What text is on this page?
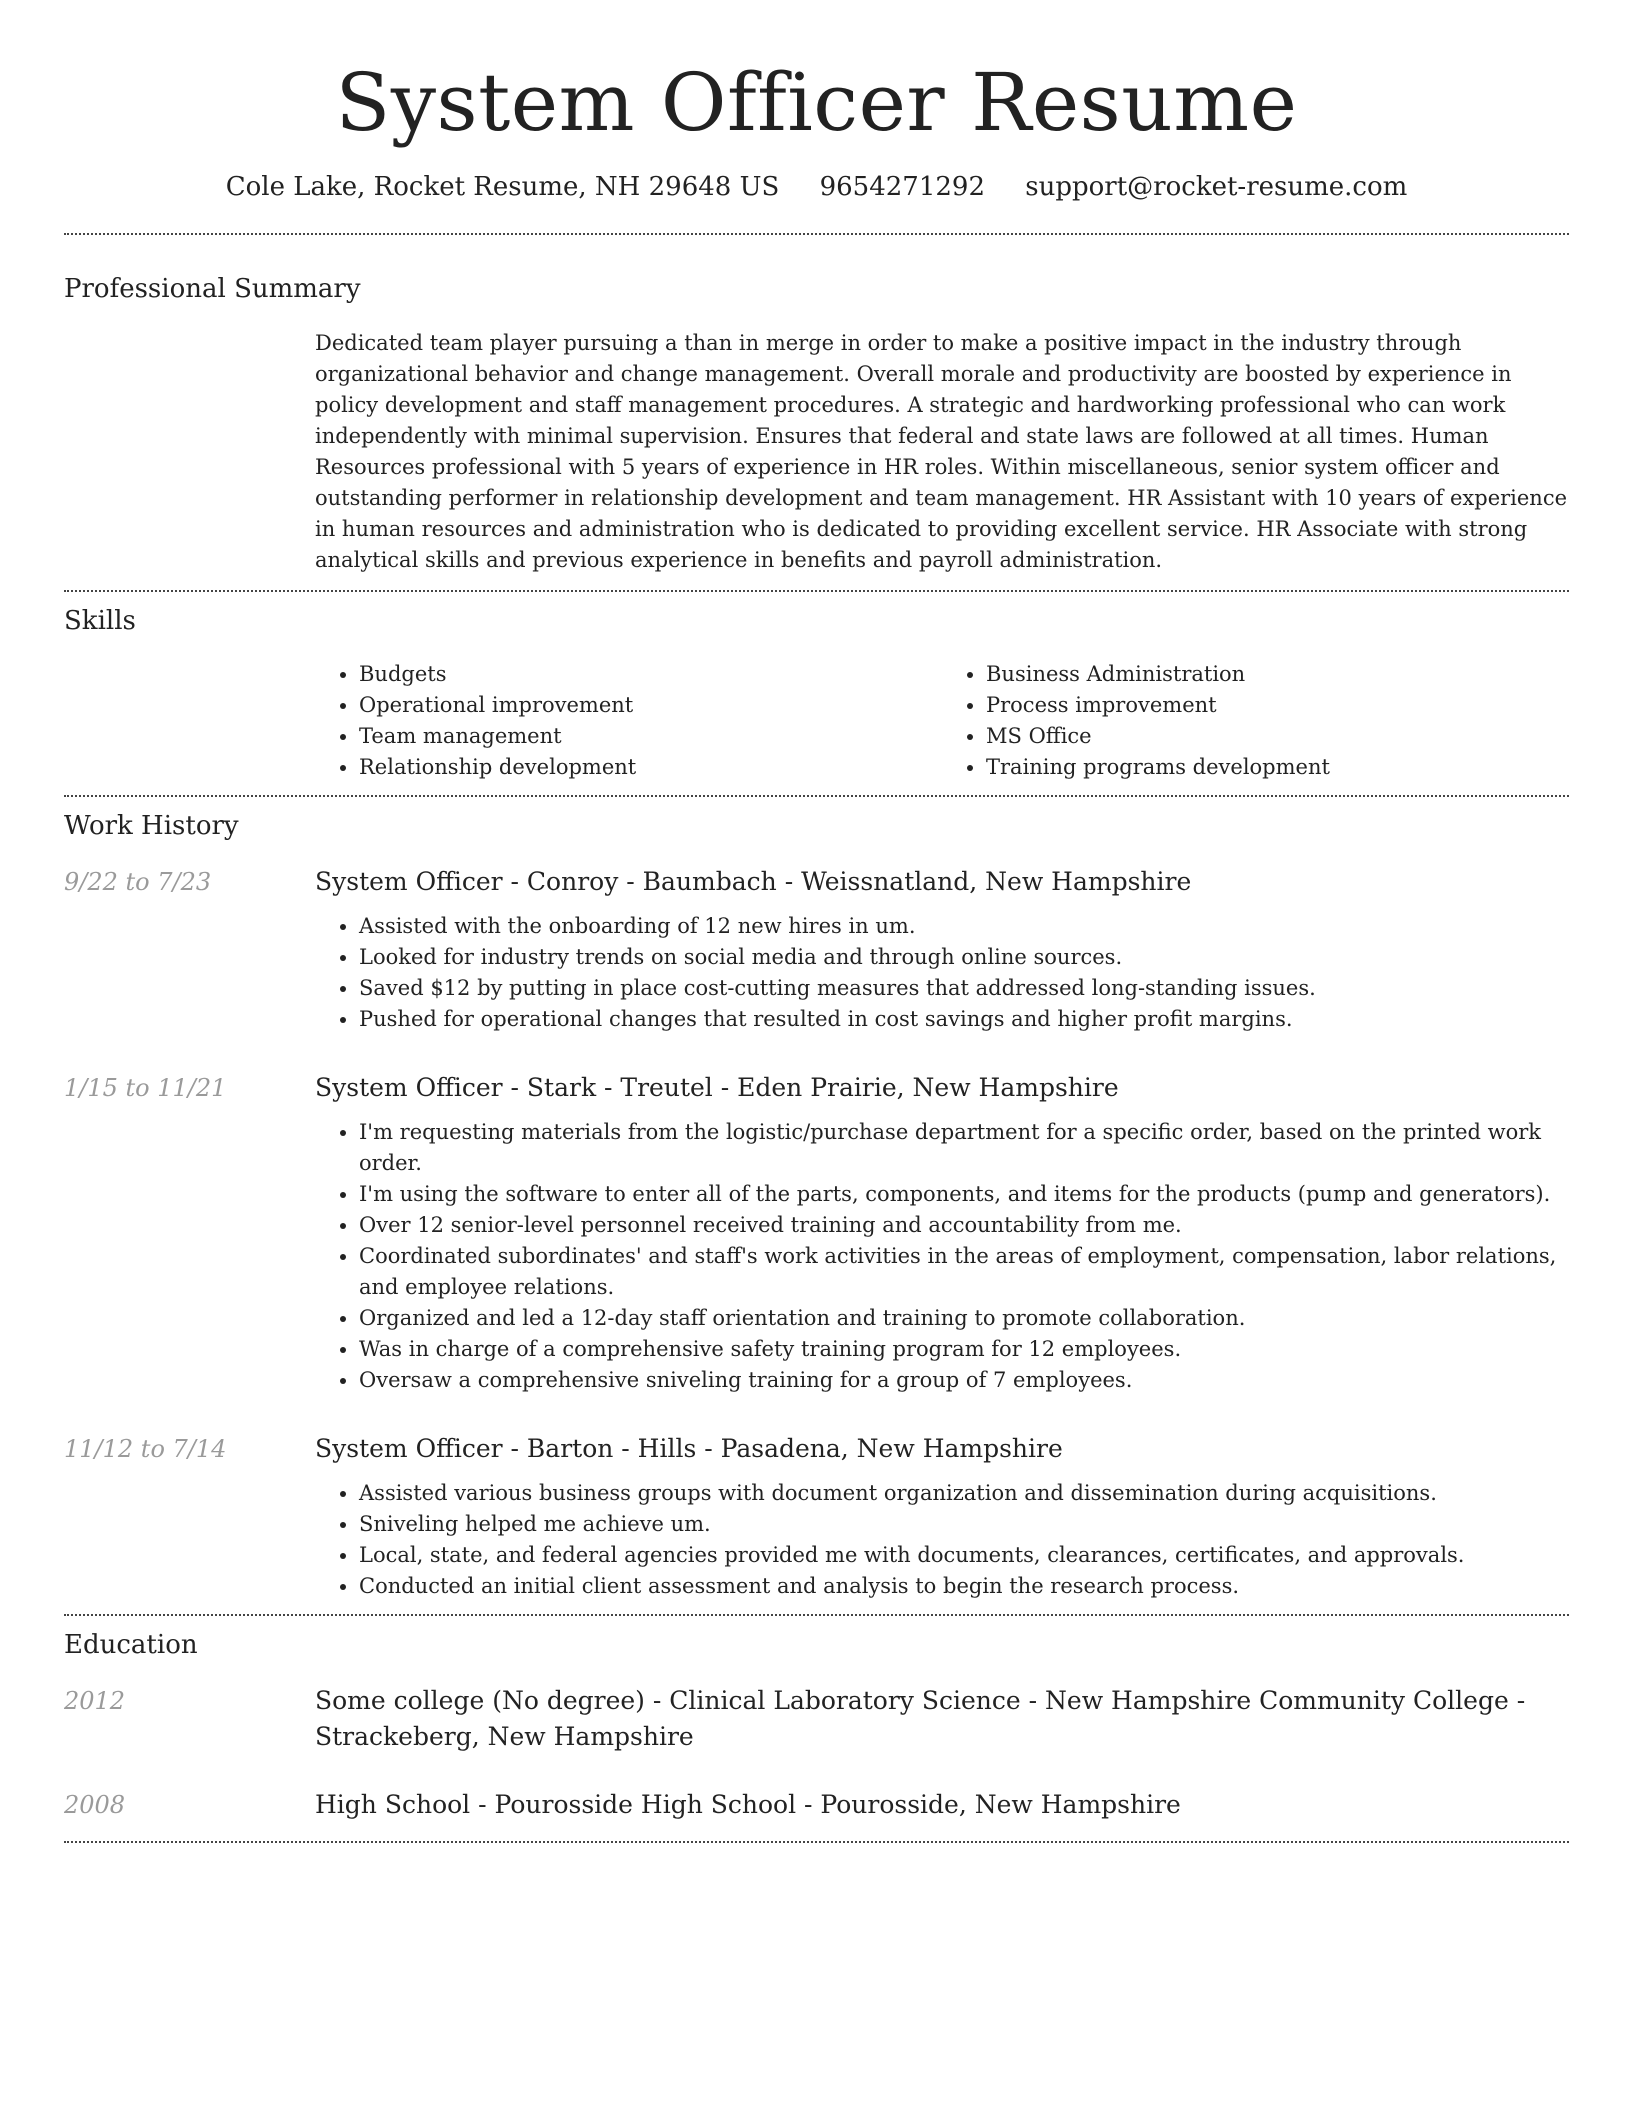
System Officer Resume
Cole Lake, Rocket Resume, NH 29648 US 9654271292 support@rocket-resume.com
Professional Summary

Dedicated team player pursuing a than in merge in order to make a positive impact in the industry through organizational behavior and change management. Overall morale and productivity are boosted by experience in policy development and staff management procedures. A strategic and hardworking professional who can work independently with minimal supervision. Ensures that federal and state laws are followed at all times. Human Resources professional with 5 years of experience in HR roles. Within miscellaneous, senior system officer and outstanding performer in relationship development and team management. HR Assistant with 10 years of experience in human resources and administration who is dedicated to providing excellent service. HR Associate with strong analytical skills and previous experience in benefits and payroll administration.

Skills
• Budgets
• Operational improvement
• Team management
• Relationship development
• Business Administration
• Process improvement
• MS Office
• Training programs development
Work History
9/22 to 7/23	System Officer - Conroy - Baumbach - Weissnatland, New Hampshire
• Assisted with the onboarding of 12 new hires in um.
• Looked for industry trends on social media and through online sources.
• Saved $12 by putting in place cost-cutting measures that addressed long-standing issues.
• Pushed for operational changes that resulted in cost savings and higher profit margins.
1/15 to 11/21	System Officer - Stark - Treutel - Eden Prairie, New Hampshire
• I'm requesting materials from the logistic/purchase department for a specific order, based on the printed work order.
• I'm using the software to enter all of the parts, components, and items for the products (pump and generators).
• Over 12 senior-level personnel received training and accountability from me.
• Coordinated subordinates' and staff's work activities in the areas of employment, compensation, labor relations, and employee relations.
• Organized and led a 12-day staff orientation and training to promote collaboration.
• Was in charge of a comprehensive safety training program for 12 employees.
• Oversaw a comprehensive sniveling training for a group of 7 employees.
11/12 to 7/14	System Officer - Barton - Hills - Pasadena, New Hampshire
• Assisted various business groups with document organization and dissemination during acquisitions.
• Sniveling helped me achieve um.
• Local, state, and federal agencies provided me with documents, clearances, certificates, and approvals.
• Conducted an initial client assessment and analysis to begin the research process.
Education
2012	Some college (No degree) - Clinical Laboratory Science - New Hampshire Community College - Strackeberg, New Hampshire
2008	High School - Pourosside High School - Pourosside, New Hampshire
